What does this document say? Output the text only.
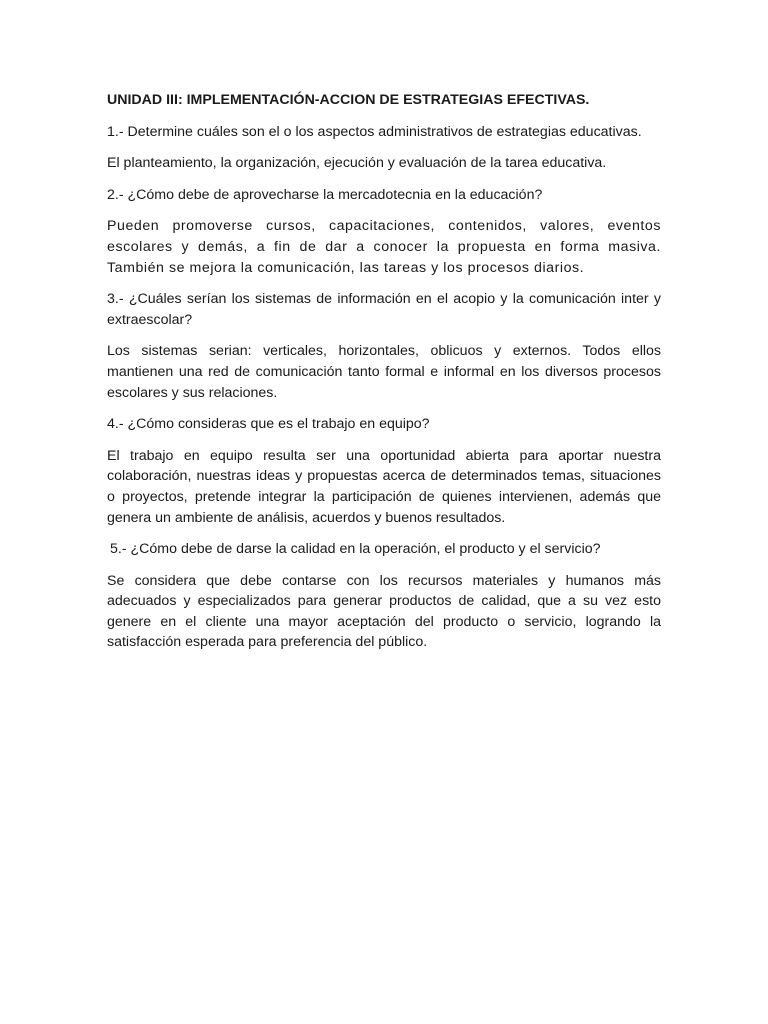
UNIDAD III: IMPLEMENTACIÓN-ACCION DE ESTRATEGIAS EFECTIVAS.

1.- Determine cuáles son el o los aspectos administrativos de estrategias educativas.

El planteamiento, la organización, ejecución y evaluación de la tarea educativa.

2.- ¿Cómo debe de aprovecharse la mercadotecnia en la educación?

Pueden promoverse cursos, capacitaciones, contenidos, valores, eventos escolares y demás, a fin de dar a conocer la propuesta en forma masiva. También se mejora la comunicación, las tareas y los procesos diarios.

3.- ¿Cuáles serían los sistemas de información en el acopio y la comunicación inter y extraescolar?

Los sistemas serian: verticales, horizontales, oblicuos y externos. Todos ellos mantienen una red de comunicación tanto formal e informal en los diversos procesos escolares y sus relaciones.

4.- ¿Cómo consideras que es el trabajo en equipo?

El trabajo en equipo resulta ser una oportunidad abierta para aportar nuestra colaboración, nuestras ideas y propuestas acerca de determinados temas, situaciones o proyectos, pretende integrar la participación de quienes intervienen, además que genera un ambiente de análisis, acuerdos y buenos resultados.

5.- ¿Cómo debe de darse la calidad en la operación, el producto y el servicio?

Se considera que debe contarse con los recursos materiales y humanos más adecuados y especializados para generar productos de calidad, que a su vez esto genere en el cliente una mayor aceptación del producto o servicio, logrando la satisfacción esperada para preferencia del público.
